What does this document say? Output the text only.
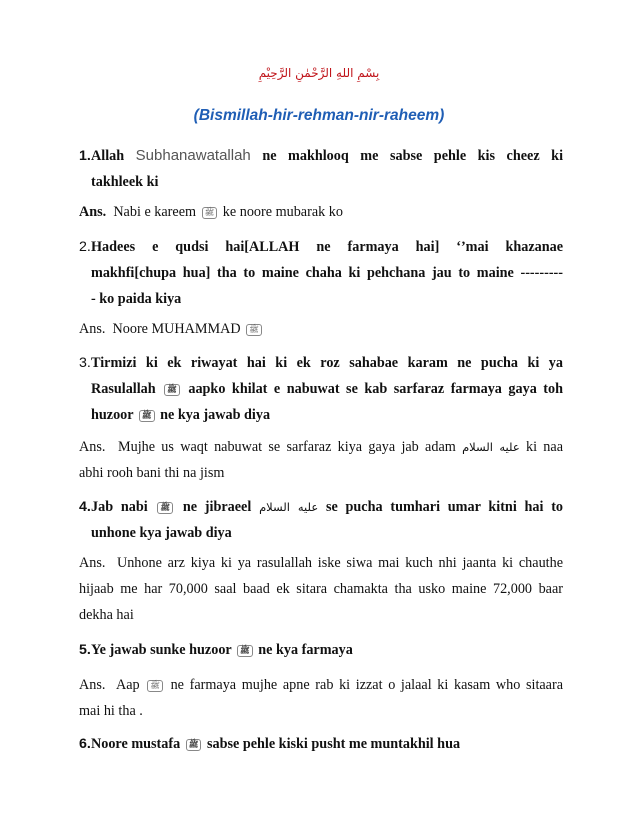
بِسْمِ اللهِ الرَّحْمٰنِ الرَّحِيْمِ
(Bismillah-hir-rehman-nir-raheem)
1. Allah Subhanawatallah ne makhlooq me sabse pehle kis cheez ki
takhleek ki
Ans. Nabi e kareem ﷺ ke noore mubarak ko
2. Hadees e qudsi hai[ALLAH ne farmaya hai] ‘’mai khazanae
makhfi[chupa hua] tha to maine chaha ki pehchana jau to maine ---------
- ko paida kiya
Ans. Noore MUHAMMAD ﷺ
3. Tirmizi ki ek riwayat hai ki ek roz sahabae karam ne pucha ki ya
Rasulallah ﷺ aapko khilat e nabuwat se kab sarfaraz farmaya gaya toh
huzoor ﷺ ne kya jawab diya
Ans. Mujhe us waqt nabuwat se sarfaraz kiya gaya jab adam عليه السلام ki naa
abhi rooh bani thi na jism
4. Jab nabi ﷺ ne jibraeel عليه السلام se pucha tumhari umar kitni hai to
unhone kya jawab diya
Ans. Unhone arz kiya ki ya rasulallah iske siwa mai kuch nhi jaanta ki chauthe
hijaab me har 70,000 saal baad ek sitara chamakta tha usko maine 72,000 baar
dekha hai
5. Ye jawab sunke huzoor ﷺ ne kya farmaya
Ans. Aap ﷺ ne farmaya mujhe apne rab ki izzat o jalaal ki kasam who sitaara
mai hi tha .
6. Noore mustafa ﷺ sabse pehle kiski pusht me muntakhil hua
